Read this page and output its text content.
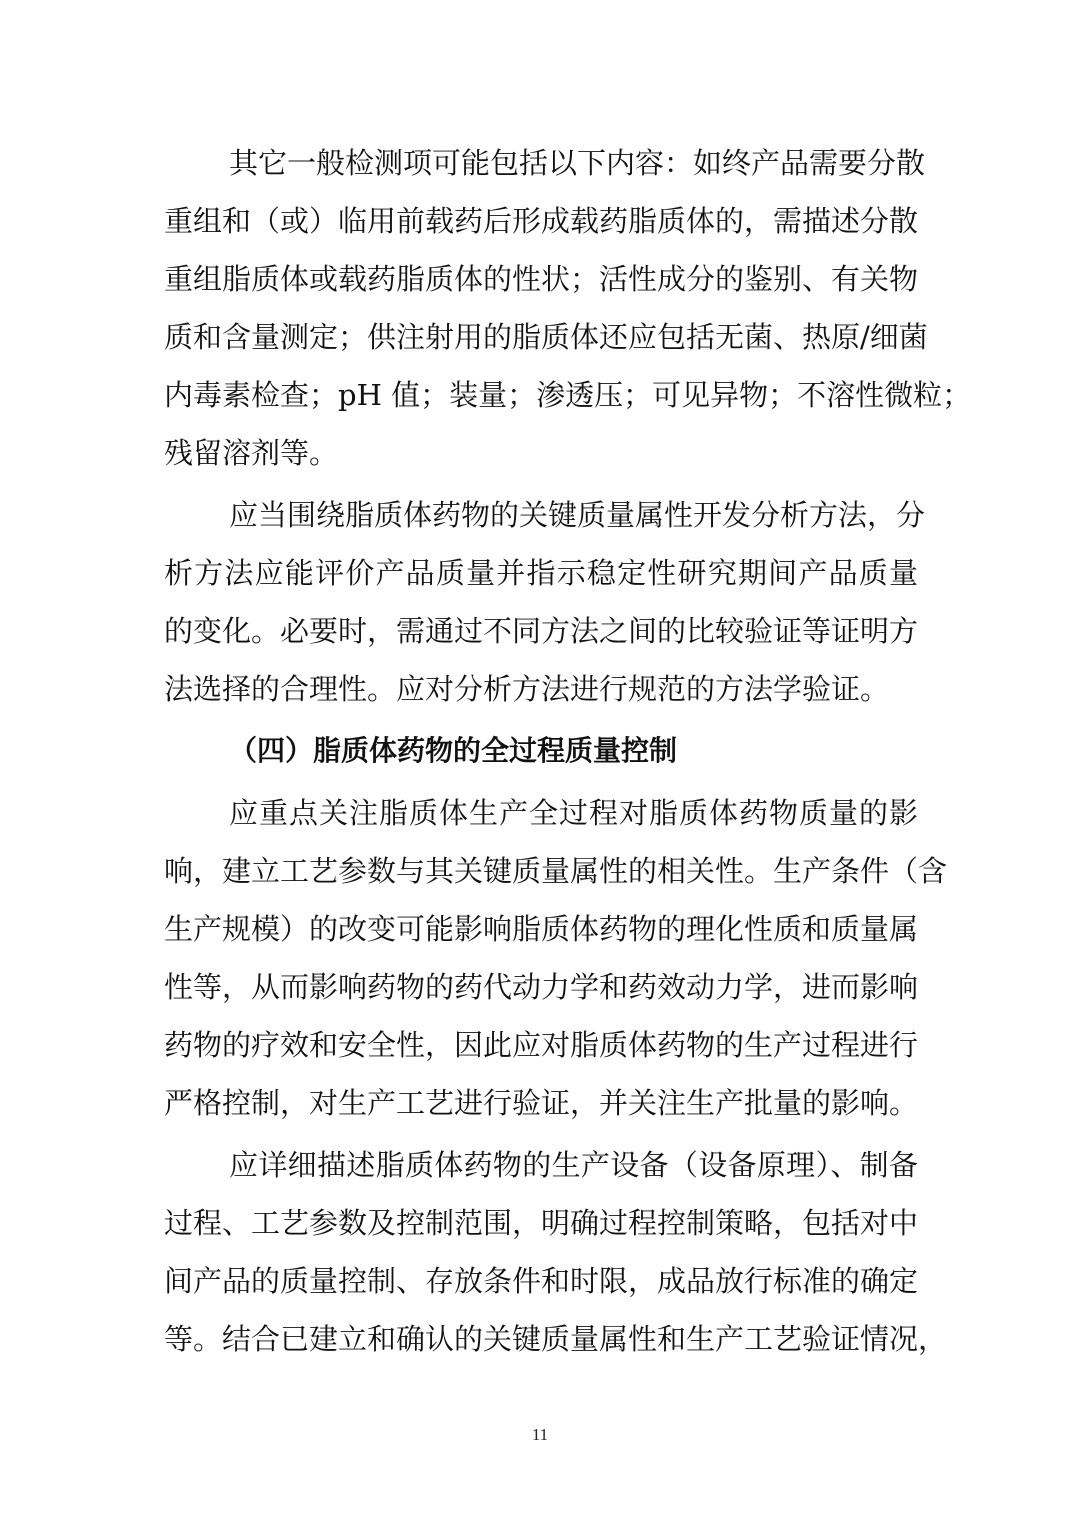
其它一般检测项可能包括以下内容：如终产品需要分散
重组和（或）临用前载药后形成载药脂质体的，需描述分散
重组脂质体或载药脂质体的性状；活性成分的鉴别、有关物
质和含量测定；供注射用的脂质体还应包括无菌、热原/细菌
内毒素检查；pH 值；装量；渗透压；可见异物；不溶性微粒；
残留溶剂等。
应当围绕脂质体药物的关键质量属性开发分析方法，分
析方法应能评价产品质量并指示稳定性研究期间产品质量
的变化。必要时，需通过不同方法之间的比较验证等证明方
法选择的合理性。应对分析方法进行规范的方法学验证。
（四）脂质体药物的全过程质量控制
应重点关注脂质体生产全过程对脂质体药物质量的影
响，建立工艺参数与其关键质量属性的相关性。生产条件（含
生产规模）的改变可能影响脂质体药物的理化性质和质量属
性等，从而影响药物的药代动力学和药效动力学，进而影响
药物的疗效和安全性，因此应对脂质体药物的生产过程进行
严格控制，对生产工艺进行验证，并关注生产批量的影响。
应详细描述脂质体药物的生产设备（设备原理）、制备
过程、工艺参数及控制范围，明确过程控制策略，包括对中
间产品的质量控制、存放条件和时限，成品放行标准的确定
等。结合已建立和确认的关键质量属性和生产工艺验证情况，
11
